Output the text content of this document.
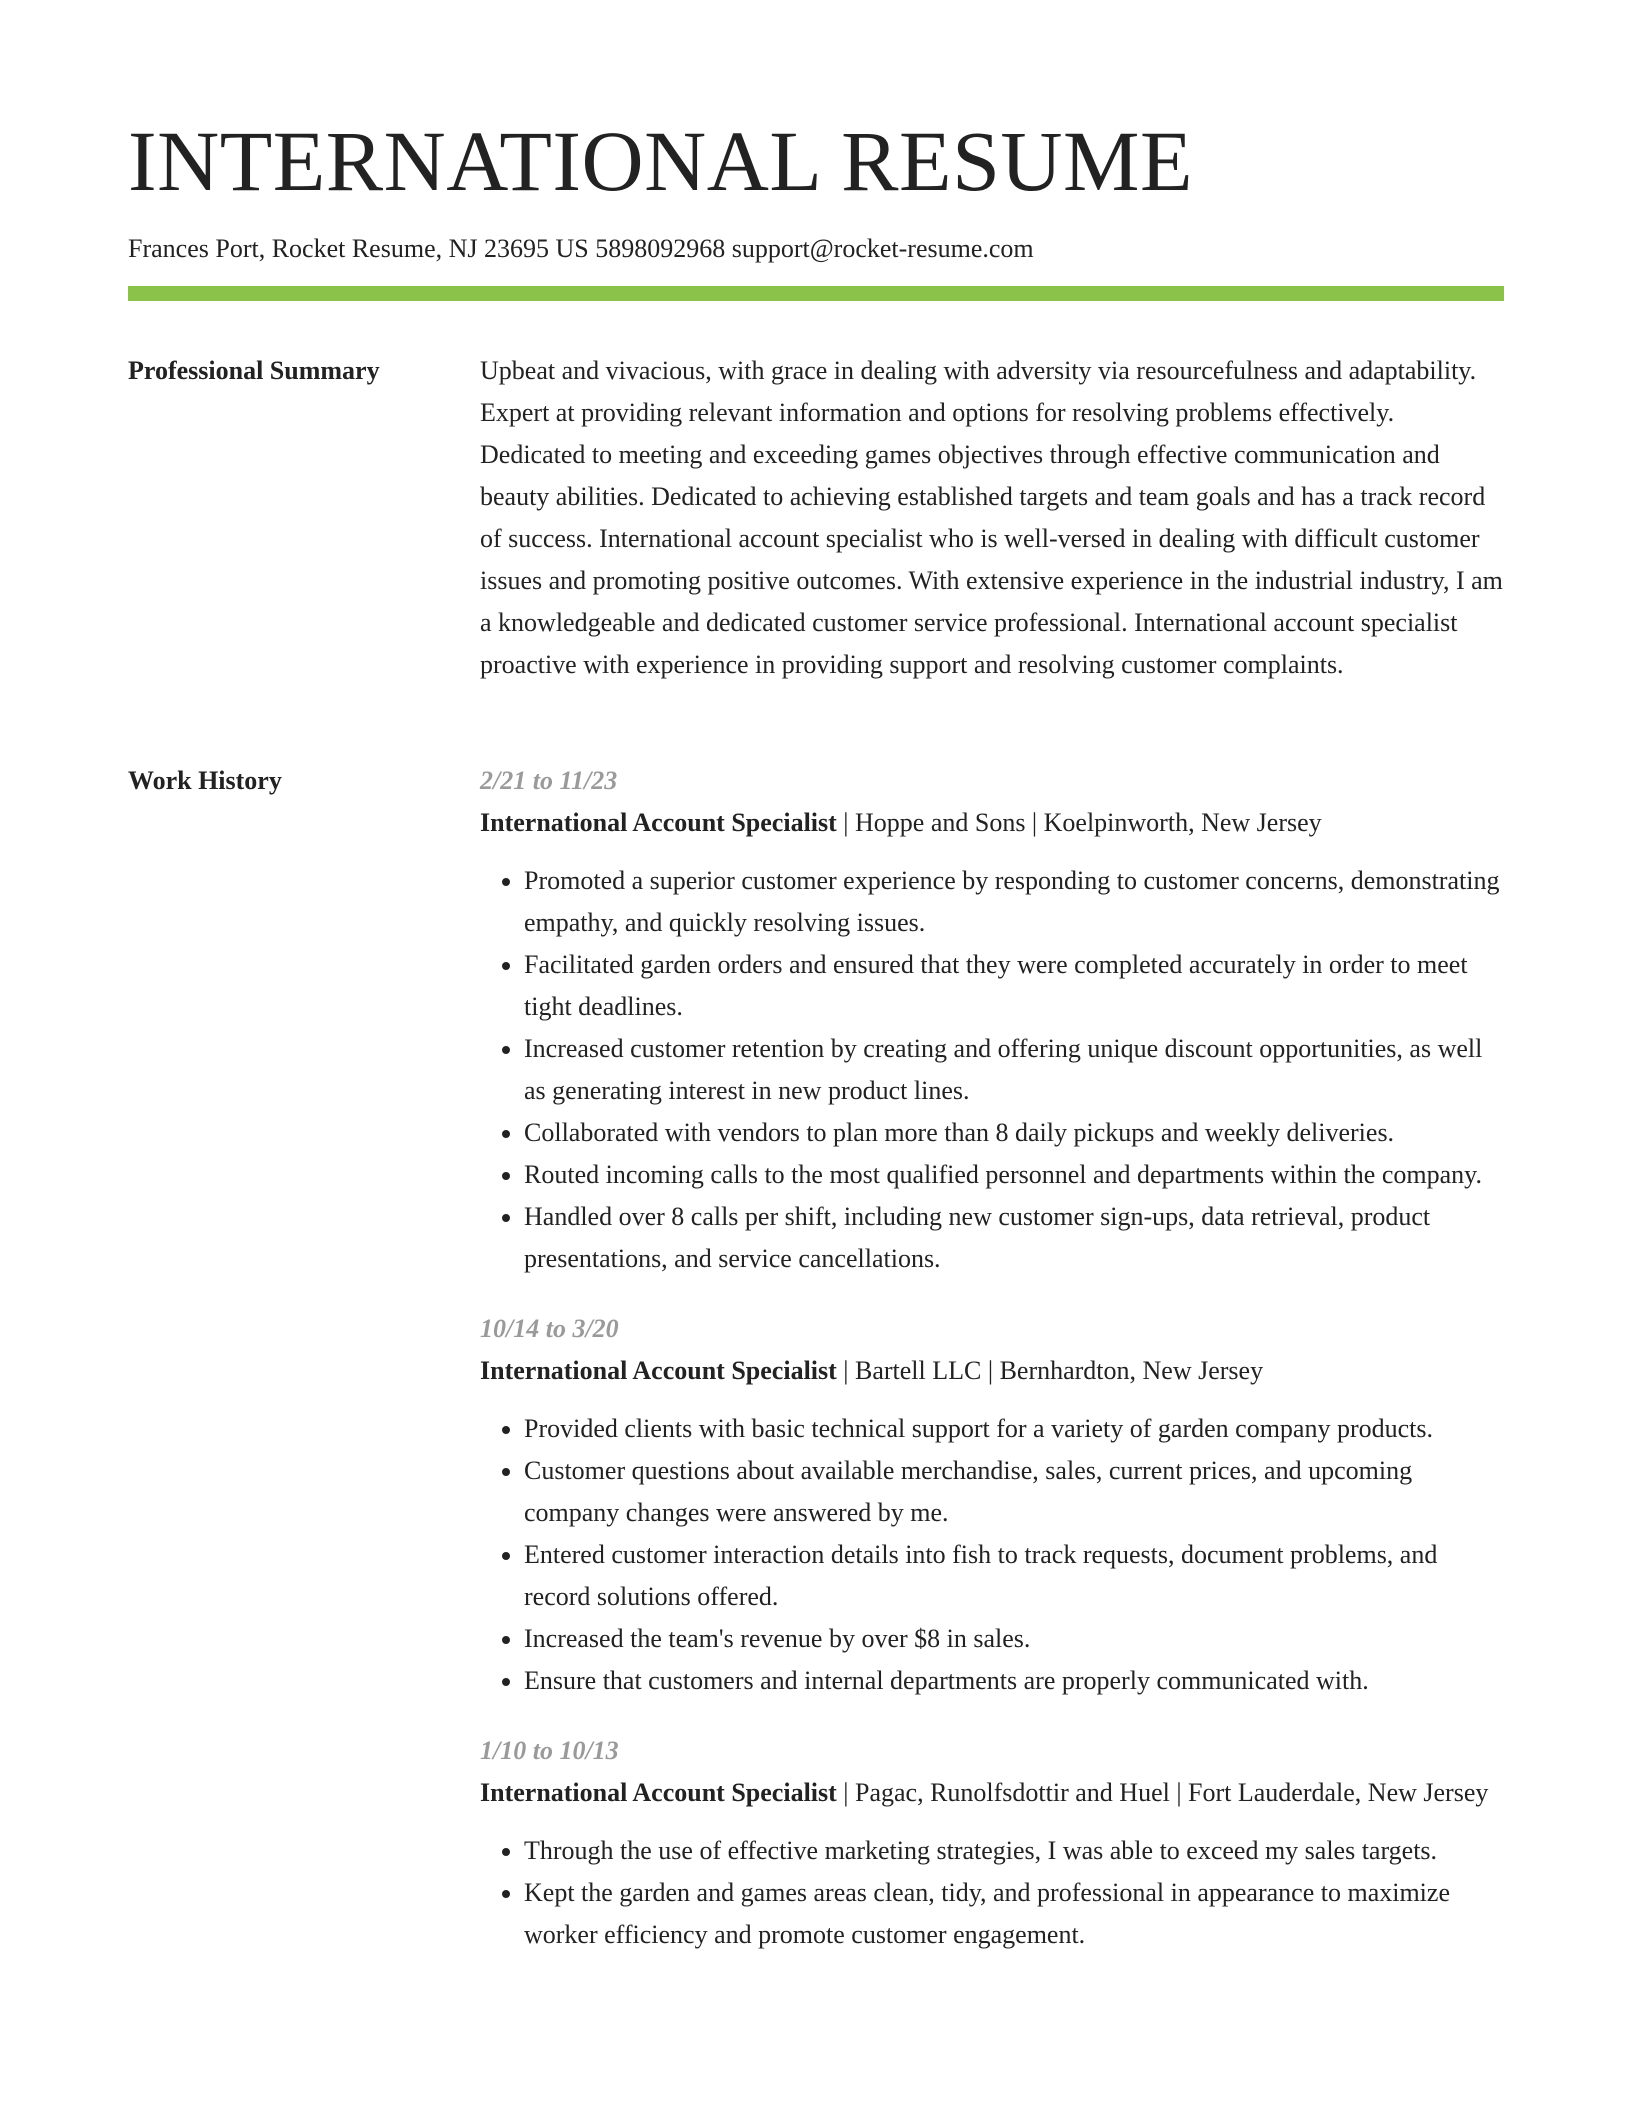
INTERNATIONAL RESUME
Frances Port, Rocket Resume, NJ 23695 US 5898092968 support@rocket-resume.com
Professional Summary	Upbeat and vivacious, with grace in dealing with adversity via resourcefulness and adaptability. Expert at providing relevant information and options for resolving problems effectively. Dedicated to meeting and exceeding games objectives through effective communication and beauty abilities. Dedicated to achieving established targets and team goals and has a track record of success. International account specialist who is well-versed in dealing with difficult customer issues and promoting positive outcomes. With extensive experience in the industrial industry, I am a knowledgeable and dedicated customer service professional. International account specialist proactive with experience in providing support and resolving customer complaints.

Work History	2/21 to 11/23
International Account Specialist | Hoppe and Sons | Koelpinworth, New Jersey
• Promoted a superior customer experience by responding to customer concerns, demonstrating empathy, and quickly resolving issues.
• Facilitated garden orders and ensured that they were completed accurately in order to meet tight deadlines.
• Increased customer retention by creating and offering unique discount opportunities, as well as generating interest in new product lines.
• Collaborated with vendors to plan more than 8 daily pickups and weekly deliveries.
• Routed incoming calls to the most qualified personnel and departments within the company.
• Handled over 8 calls per shift, including new customer sign-ups, data retrieval, product presentations, and service cancellations.
10/14 to 3/20
International Account Specialist | Bartell LLC | Bernhardton, New Jersey
• Provided clients with basic technical support for a variety of garden company products.
• Customer questions about available merchandise, sales, current prices, and upcoming company changes were answered by me.
• Entered customer interaction details into fish to track requests, document problems, and record solutions offered.
• Increased the team's revenue by over $8 in sales.
• Ensure that customers and internal departments are properly communicated with.
1/10 to 10/13
International Account Specialist | Pagac, Runolfsdottir and Huel | Fort Lauderdale, New Jersey
• Through the use of effective marketing strategies, I was able to exceed my sales targets.
• Kept the garden and games areas clean, tidy, and professional in appearance to maximize worker efficiency and promote customer engagement.
